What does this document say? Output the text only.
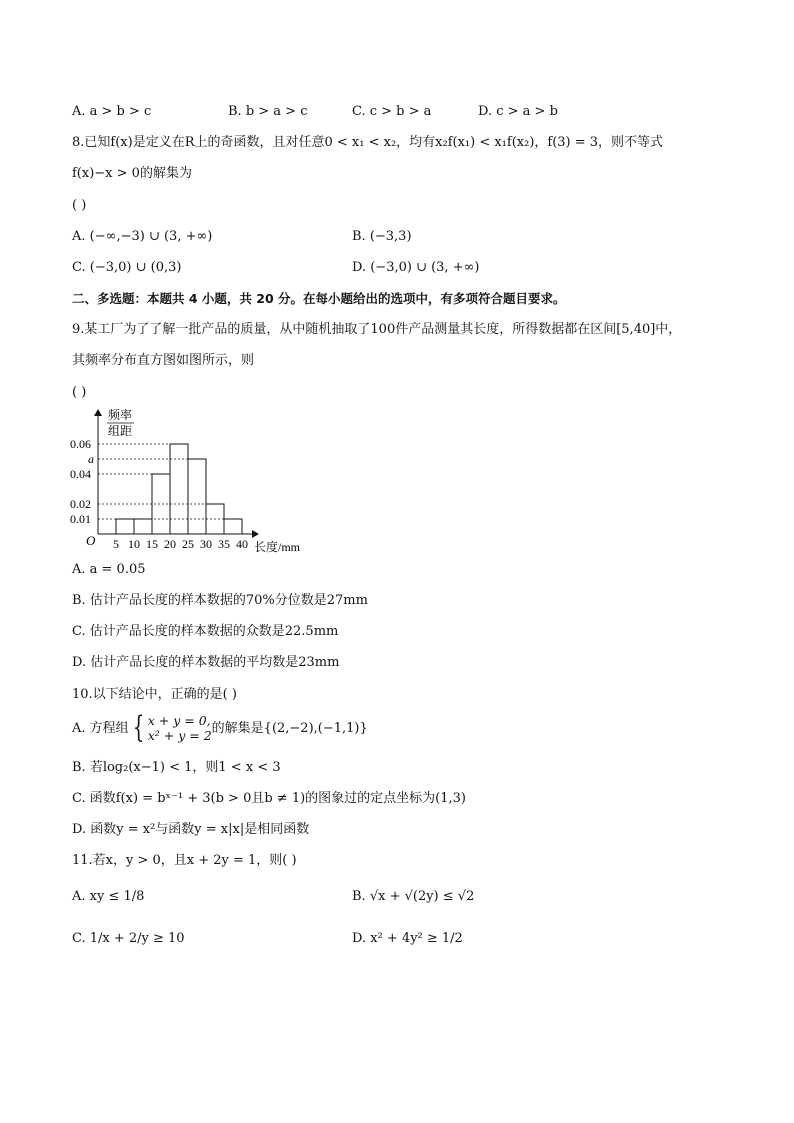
A. a > b > c	B. b > a > c	C. c > b > a	D. c > a > b
8.已知f(x)是定义在R上的奇函数，且对任意0 < x₁ < x₂，均有x₂f(x₁) < x₁f(x₂)，f(3) = 3，则不等式
f(x)−x > 0的解集为
( )
A. (−∞,−3) ∪ (3, +∞)	B. (−3,3)
C. (−3,0) ∪ (0,3)	D. (−3,0) ∪ (3, +∞)
二、多选题：本题共 4 小题，共 20 分。在每小题给出的选项中，有多项符合题目要求。
9.某工厂为了了解一批产品的质量，从中随机抽取了100件产品测量其长度，所得数据都在区间[5,40]中，
其频率分布直方图如图所示，则
( )
频率
组距
0.06
a
0.04
0.02
0.01
5 10 15 20 25 30 35 40
O	长度/mm
A. a = 0.05
B. 估计产品长度的样本数据的70%分位数是27mm
C. 估计产品长度的样本数据的众数是22.5mm
D. 估计产品长度的样本数据的平均数是23mm
10.以下结论中，正确的是( )
A. 方程组 { x + y = 0,
x² + y = 2 的解集是{(2,−2),(−1,1)}
B. 若log₂(x−1) < 1，则1 < x < 3
C. 函数f(x) = bˣ⁻¹ + 3(b > 0且b ≠ 1)的图象过的定点坐标为(1,3)
D. 函数y = x²与函数y = x|x|是相同函数
11.若x，y > 0，且x + 2y = 1，则( )
A. xy ≤ 1/8	B. √x + √(2y) ≤ √2
C. 1/x + 2/y ≥ 10	D. x² + 4y² ≥ 1/2
